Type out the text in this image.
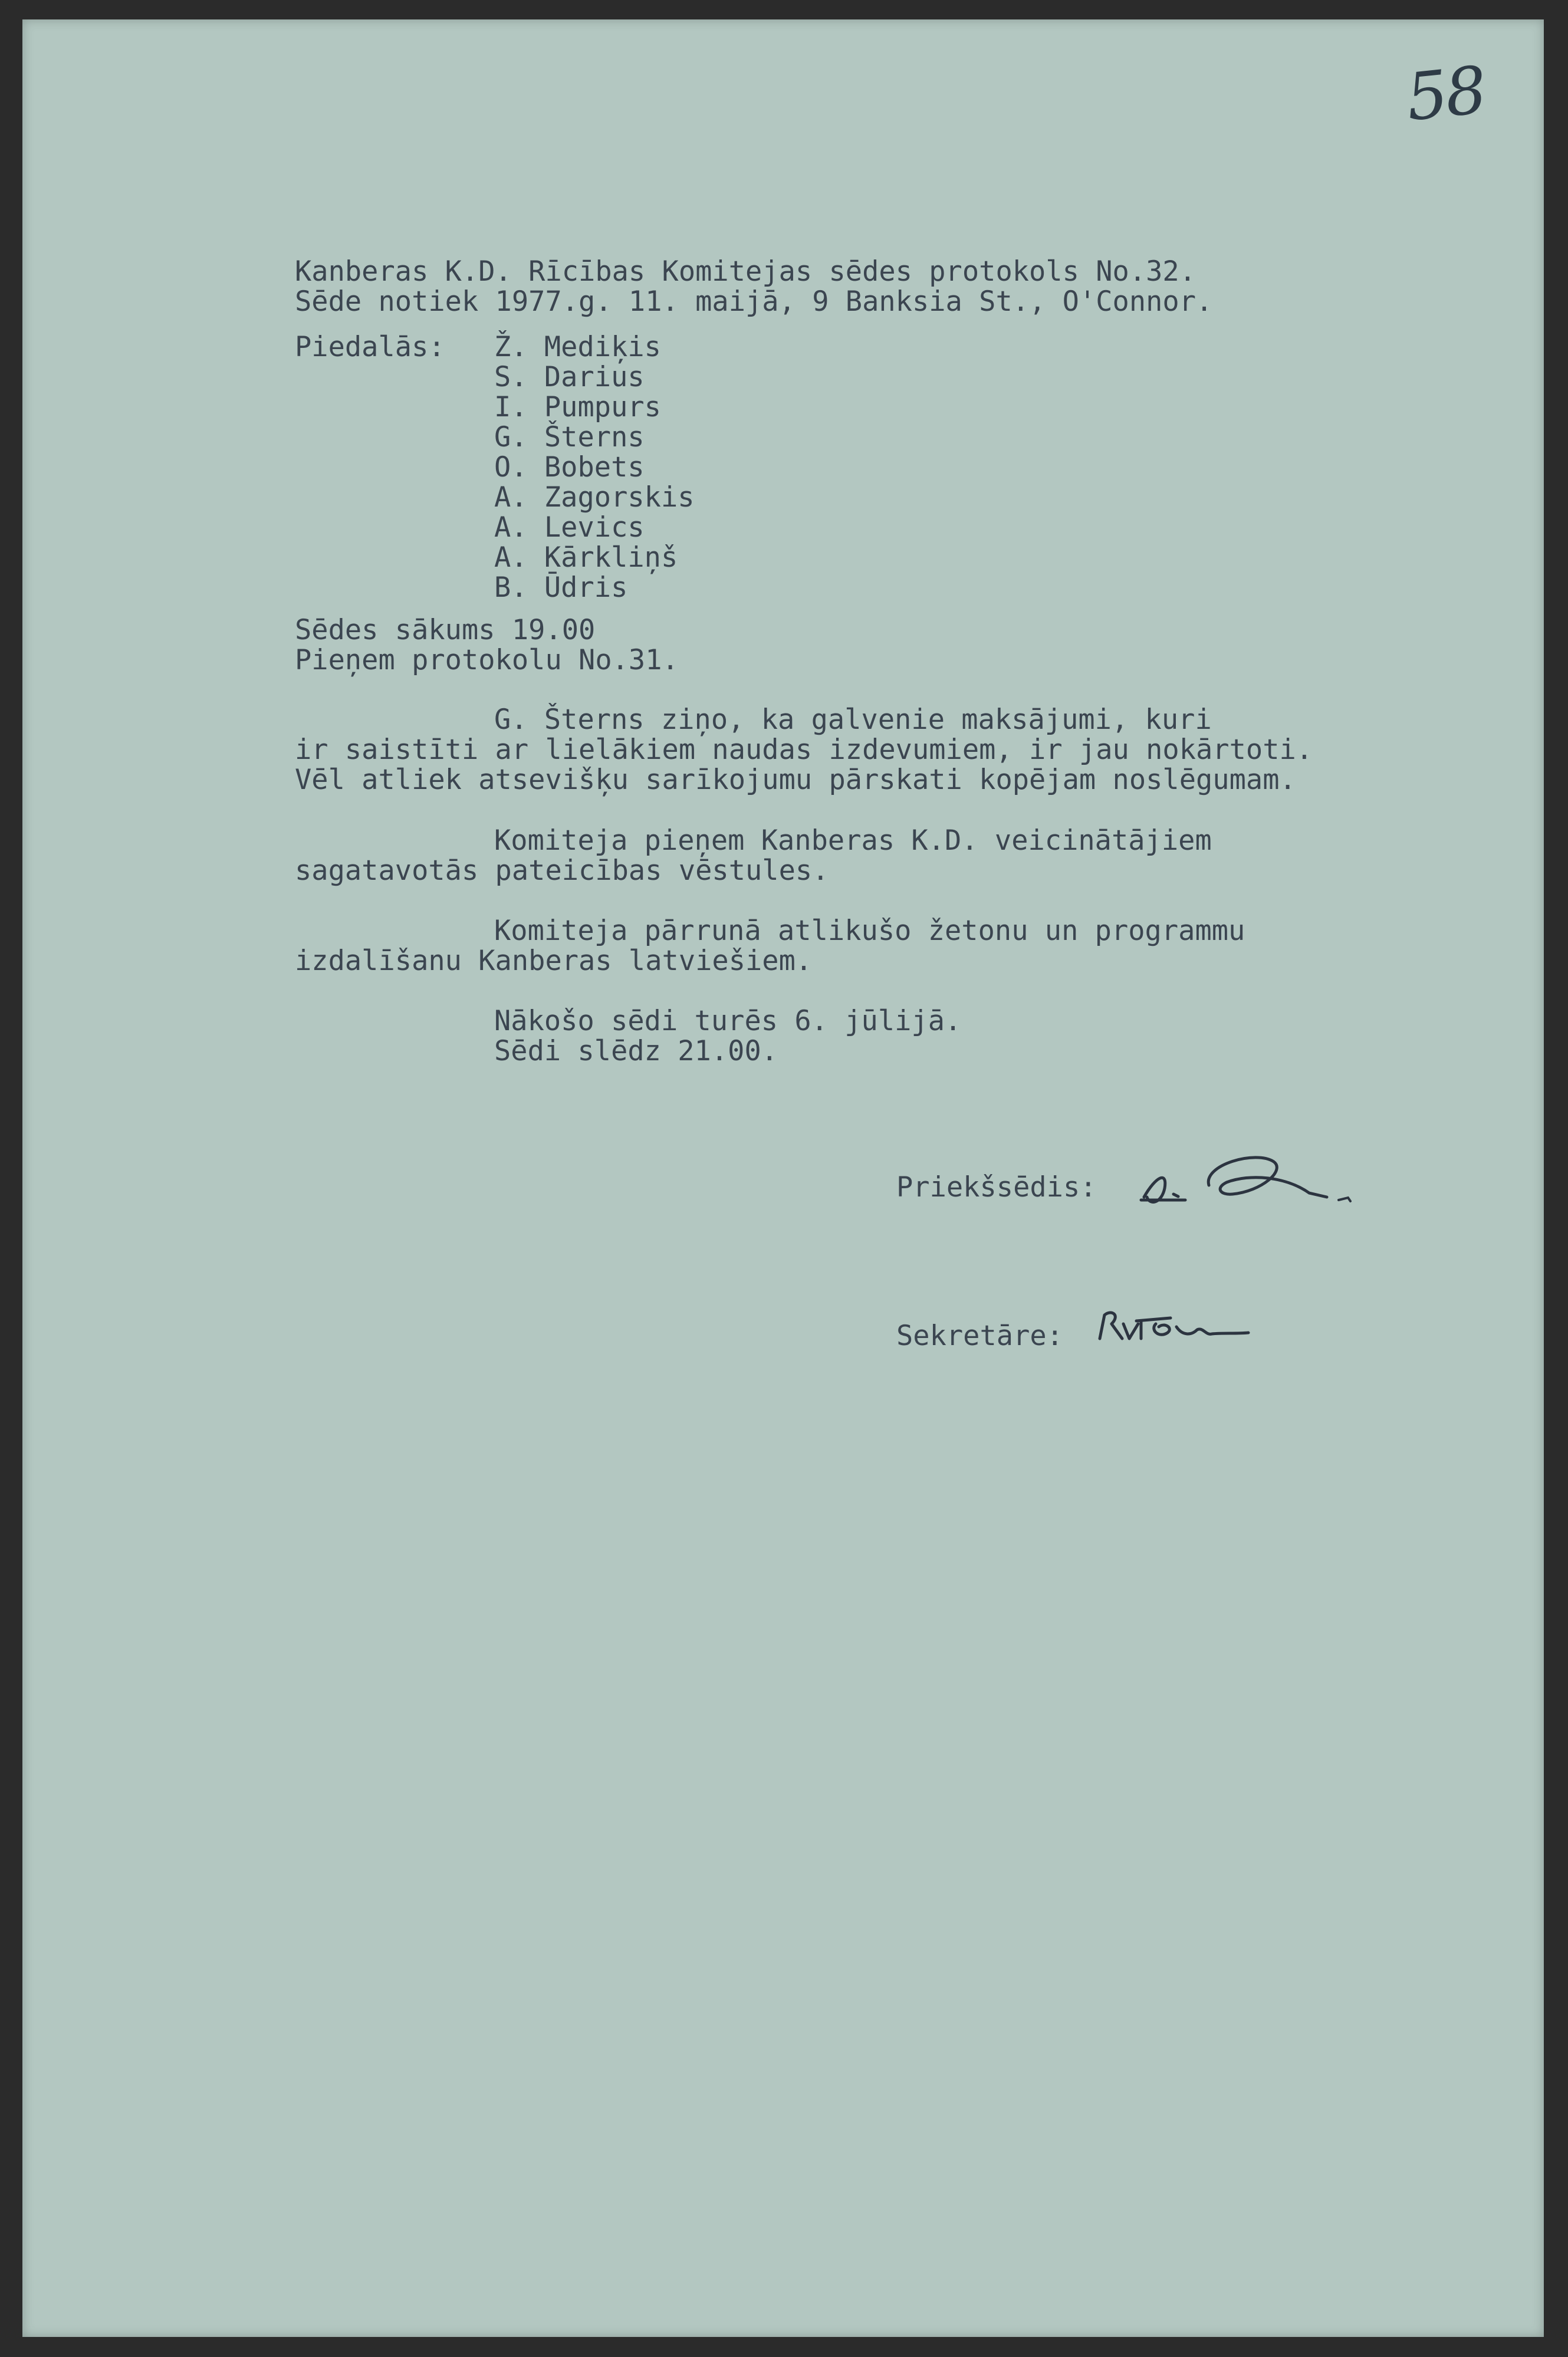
58
Kanberas K.D. Rīcības Komitejas sēdes protokols No.32.
Sēde notiek 1977.g. 11. maijā, 9 Banksia St., O'Connor.
Piedalās: Ž. Mediķis
S. Darius
I. Pumpurs
G. Šterns
O. Bobets
A. Zagorskis
A. Levics
A. Kārkliņš
B. Ūdris
Sēdes sākums 19.00
Pieņem protokolu No.31.
G. Šterns ziņo, ka galvenie maksājumi, kuri
ir saistīti ar lielākiem naudas izdevumiem, ir jau nokārtoti.
Vēl atliek atsevišķu sarīkojumu pārskati kopējam noslēgumam.
Komiteja pieņem Kanberas K.D. veicinātājiem
sagatavotās pateicības vēstules.
Komiteja pārrunā atlikušo žetonu un programmu
izdalīšanu Kanberas latviešiem.
Nākošo sēdi turēs 6. jūlijā.
Sēdi slēdz 21.00.
Priekšsēdis:
Sekretāre:
